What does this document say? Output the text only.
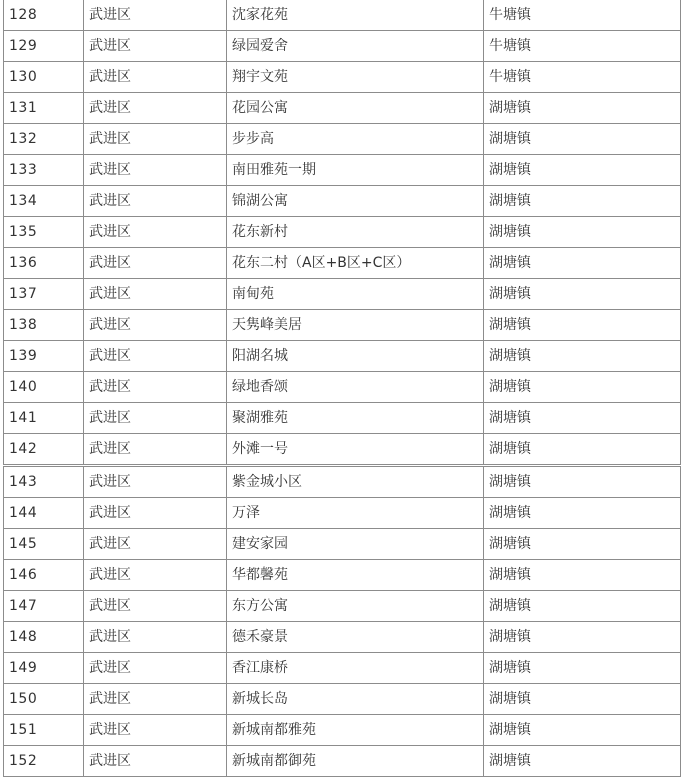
128	武进区	沈家花苑	牛塘镇
129	武进区	绿园爱舍	牛塘镇
130	武进区	翔宇文苑	牛塘镇
131	武进区	花园公寓	湖塘镇
132	武进区	步步高	湖塘镇
133	武进区	南田雅苑一期	湖塘镇
134	武进区	锦湖公寓	湖塘镇
135	武进区	花东新村	湖塘镇
136	武进区	花东二村（A区+B区+C区）	湖塘镇
137	武进区	南甸苑	湖塘镇
138	武进区	天隽峰美居	湖塘镇
139	武进区	阳湖名城	湖塘镇
140	武进区	绿地香颂	湖塘镇
141	武进区	聚湖雅苑	湖塘镇
142	武进区	外滩一号	湖塘镇
143	武进区	紫金城小区	湖塘镇
144	武进区	万泽	湖塘镇
145	武进区	建安家园	湖塘镇
146	武进区	华都馨苑	湖塘镇
147	武进区	东方公寓	湖塘镇
148	武进区	德禾豪景	湖塘镇
149	武进区	香江康桥	湖塘镇
150	武进区	新城长岛	湖塘镇
151	武进区	新城南都雅苑	湖塘镇
152	武进区	新城南都御苑	湖塘镇
